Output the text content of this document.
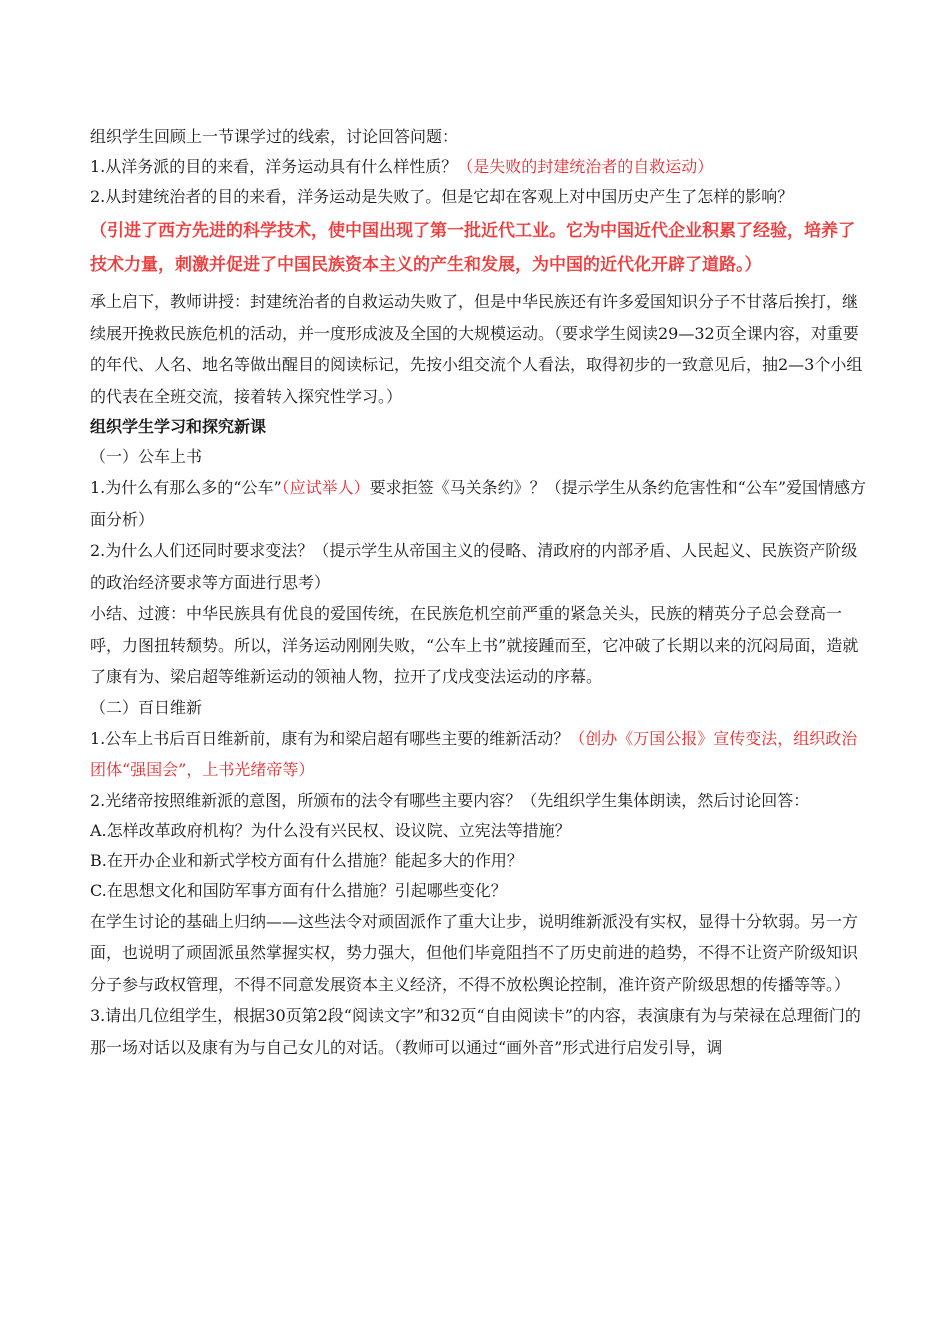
组织学生回顾上一节课学过的线索，讨论回答问题：

1.从洋务派的目的来看，洋务运动具有什么样性质？（是失败的封建统治者的自救运动）

2.从封建统治者的目的来看，洋务运动是失败了。但是它却在客观上对中国历史产生了怎样的影响？

（引进了西方先进的科学技术，使中国出现了第一批近代工业。它为中国近代企业积累了经验，培养了技术力量，刺激并促进了中国民族资本主义的产生和发展，为中国的近代化开辟了道路。）

承上启下，教师讲授：封建统治者的自救运动失败了，但是中华民族还有许多爱国知识分子不甘落后挨打，继续展开挽救民族危机的活动，并一度形成波及全国的大规模运动。（要求学生阅读29—32页全课内容，对重要的年代、人名、地名等做出醒目的阅读标记，先按小组交流个人看法，取得初步的一致意见后，抽2—3个小组的代表在全班交流，接着转入探究性学习。）

组织学生学习和探究新课

（一）公车上书

1.为什么有那么多的“公车”（应试举人）要求拒签《马关条约》？（提示学生从条约危害性和“公车”爱国情感方面分析）

2.为什么人们还同时要求变法？（提示学生从帝国主义的侵略、清政府的内部矛盾、人民起义、民族资产阶级的政治经济要求等方面进行思考）

小结、过渡：中华民族具有优良的爱国传统，在民族危机空前严重的紧急关头，民族的精英分子总会登高一呼，力图扭转颓势。所以，洋务运动刚刚失败，“公车上书”就接踵而至，它冲破了长期以来的沉闷局面，造就了康有为、梁启超等维新运动的领袖人物，拉开了戊戌变法运动的序幕。

（二）百日维新

1.公车上书后百日维新前，康有为和梁启超有哪些主要的维新活动？（创办《万国公报》宣传变法，组织政治团体“强国会”，上书光绪帝等）

2.光绪帝按照维新派的意图，所颁布的法令有哪些主要内容？（先组织学生集体朗读，然后讨论回答：

A.怎样改革政府机构？为什么没有兴民权、设议院、立宪法等措施？

B.在开办企业和新式学校方面有什么措施？能起多大的作用？

C.在思想文化和国防军事方面有什么措施？引起哪些变化？

在学生讨论的基础上归纳——这些法令对顽固派作了重大让步，说明维新派没有实权，显得十分软弱。另一方面，也说明了顽固派虽然掌握实权，势力强大，但他们毕竟阻挡不了历史前进的趋势，不得不让资产阶级知识分子参与政权管理，不得不同意发展资本主义经济，不得不放松舆论控制，准许资产阶级思想的传播等等。）

3.请出几位组学生，根据30页第2段“阅读文字”和32页“自由阅读卡”的内容，表演康有为与荣禄在总理衙门的那一场对话以及康有为与自己女儿的对话。（教师可以通过“画外音”形式进行启发引导，调
